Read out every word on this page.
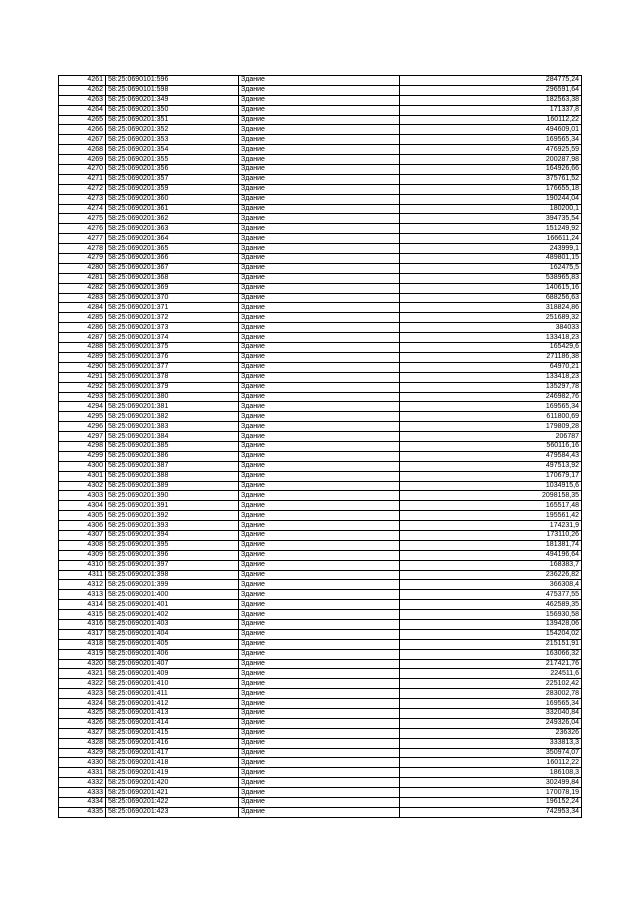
4261	58:25:0690101:596	Здание	284775,24
4262	58:25:0690101:598	Здание	296591,64
4263	58:25:0690201:349	Здание	182563,38
4264	58:25:0690201:350	Здание	171337,8
4265	58:25:0690201:351	Здание	160112,22
4266	58:25:0690201:352	Здание	494609,01
4267	58:25:0690201:353	Здание	169565,34
4268	58:25:0690201:354	Здание	476925,59
4269	58:25:0690201:355	Здание	200287,98
4270	58:25:0690201:356	Здание	164926,66
4271	58:25:0690201:357	Здание	375761,52
4272	58:25:0690201:359	Здание	176655,18
4273	58:25:0690201:360	Здание	190244,04
4274	58:25:0690201:361	Здание	180200,1
4275	58:25:0690201:362	Здание	394735,54
4276	58:25:0690201:363	Здание	151249,92
4277	58:25:0690201:364	Здание	166611,24
4278	58:25:0690201:365	Здание	243999,1
4279	58:25:0690201:366	Здание	489801,15
4280	58:25:0690201:367	Здание	162475,5
4281	58:25:0690201:368	Здание	538965,83
4282	58:25:0690201:369	Здание	140615,16
4283	58:25:0690201:370	Здание	688256,63
4284	58:25:0690201:371	Здание	318824,86
4285	58:25:0690201:372	Здание	251689,32
4286	58:25:0690201:373	Здание	384033
4287	58:25:0690201:374	Здание	133418,23
4288	58:25:0690201:375	Здание	165429,6
4289	58:25:0690201:376	Здание	271186,38
4290	58:25:0690201:377	Здание	64970,21
4291	58:25:0690201:378	Здание	133418,23
4292	58:25:0690201:379	Здание	135297,78
4293	58:25:0690201:380	Здание	246982,76
4294	58:25:0690201:381	Здание	169565,34
4295	58:25:0690201:382	Здание	611800,69
4296	58:25:0690201:383	Здание	179809,28
4297	58:25:0690201:384	Здание	206787
4298	58:25:0690201:385	Здание	560116,16
4299	58:25:0690201:386	Здание	479584,43
4300	58:25:0690201:387	Здание	497513,92
4301	58:25:0690201:388	Здание	170679,17
4302	58:25:0690201:389	Здание	1034915,6
4303	58:25:0690201:390	Здание	2098158,35
4304	58:25:0690201:391	Здание	165517,48
4305	58:25:0690201:392	Здание	195561,42
4306	58:25:0690201:393	Здание	174231,9
4307	58:25:0690201:394	Здание	173110,26
4308	58:25:0690201:395	Здание	181381,74
4309	58:25:0690201:396	Здание	494196,64
4310	58:25:0690201:397	Здание	168383,7
4311	58:25:0690201:398	Здание	236226,82
4312	58:25:0690201:399	Здание	366308,4
4313	58:25:0690201:400	Здание	475377,55
4314	58:25:0690201:401	Здание	462589,35
4315	58:25:0690201:402	Здание	156930,58
4316	58:25:0690201:403	Здание	139428,06
4317	58:25:0690201:404	Здание	154204,02
4318	58:25:0690201:405	Здание	215151,91
4319	58:25:0690201:406	Здание	163066,32
4320	58:25:0690201:407	Здание	217421,76
4321	58:25:0690201:409	Здание	224511,6
4322	58:25:0690201:410	Здание	225102,42
4323	58:25:0690201:411	Здание	283002,78
4324	58:25:0690201:412	Здание	169565,34
4325	58:25:0690201:413	Здание	332040,84
4326	58:25:0690201:414	Здание	249326,04
4327	58:25:0690201:415	Здание	236326
4328	58:25:0690201:416	Здание	333813,3
4329	58:25:0690201:417	Здание	350974,07
4330	58:25:0690201:418	Здание	160112,22
4331	58:25:0690201:419	Здание	186108,3
4332	58:25:0690201:420	Здание	302499,84
4333	58:25:0690201:421	Здание	170078,19
4334	58:25:0690201:422	Здание	196152,24
4335	58:25:0690201:423	Здание	742953,34
